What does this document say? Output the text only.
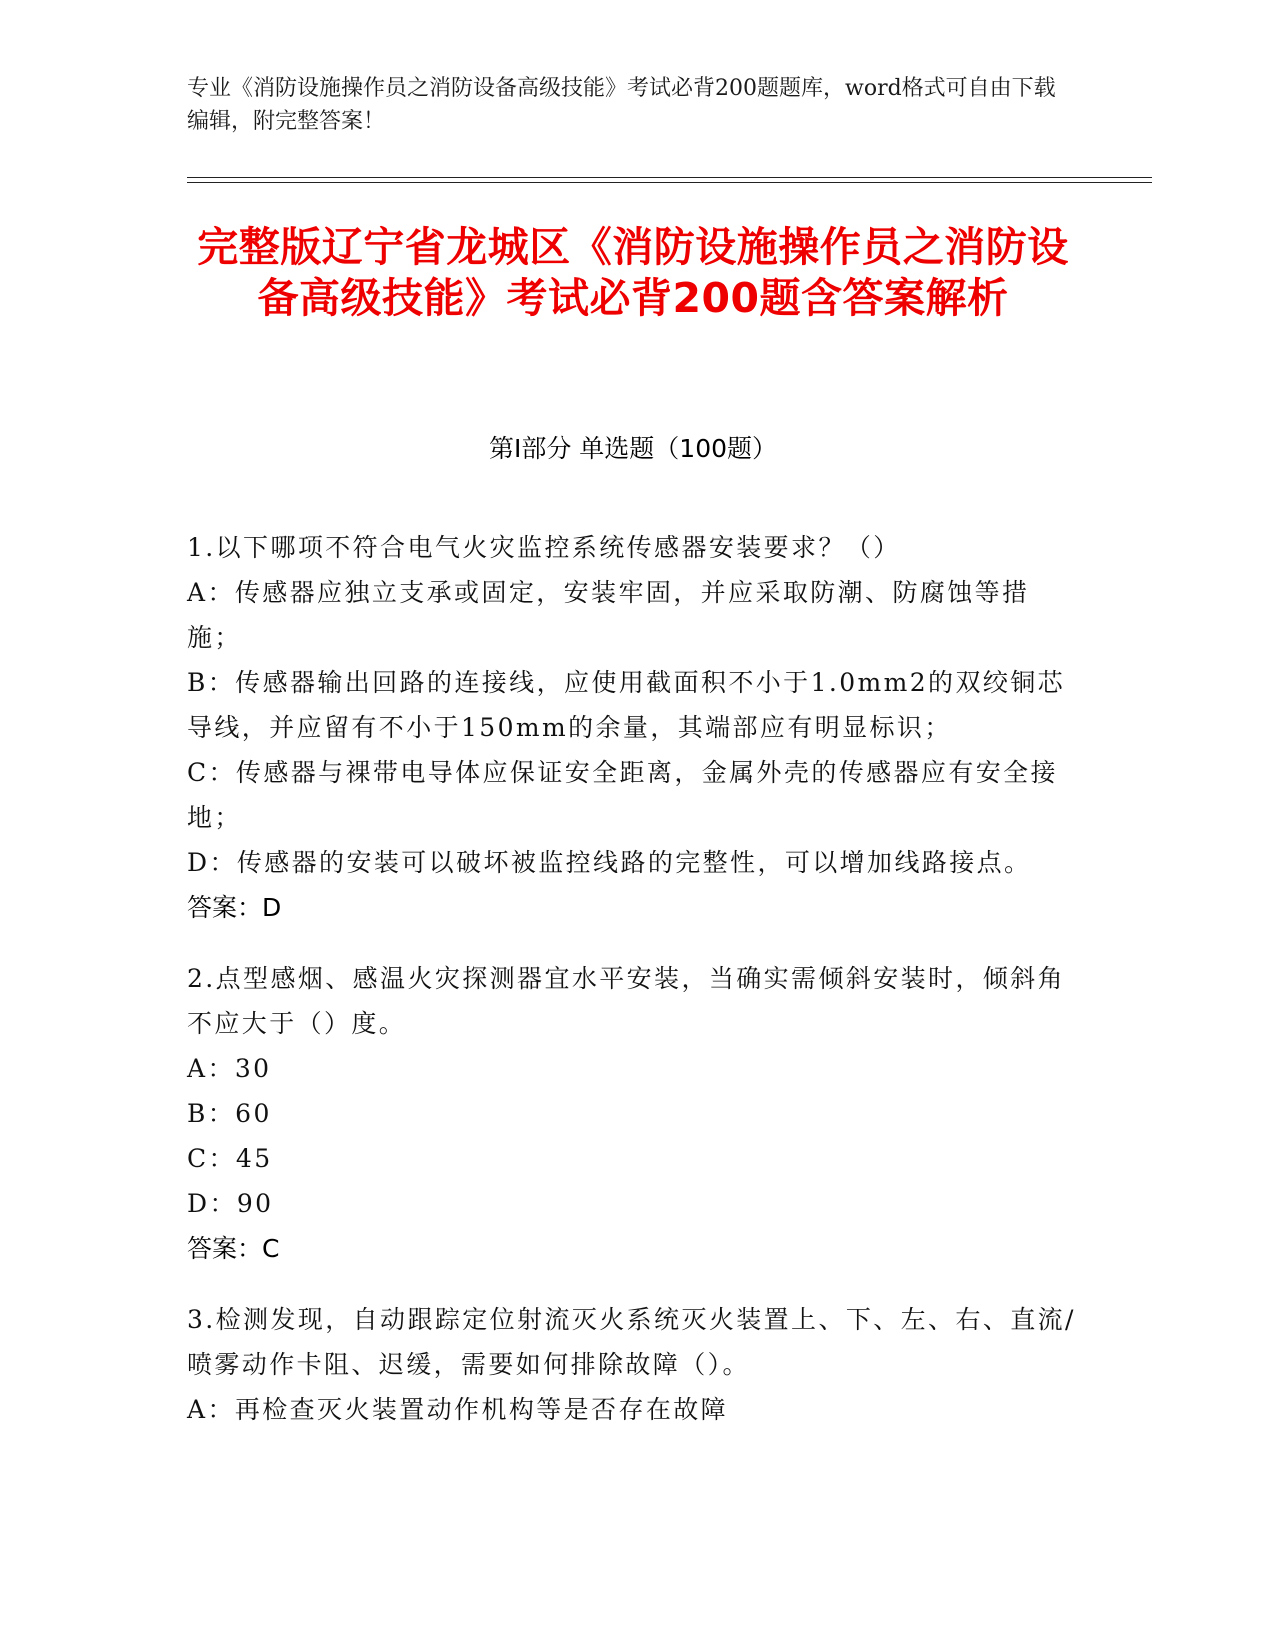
专业《消防设施操作员之消防设备高级技能》考试必背200题题库，word格式可自由下载编辑，附完整答案！
完整版辽宁省龙城区《消防设施操作员之消防设备高级技能》考试必背200题含答案解析
第Ⅰ部分 单选题（100题）

1.以下哪项不符合电气火灾监控系统传感器安装要求？（）

A：传感器应独立支承或固定，安装牢固，并应采取防潮、防腐蚀等措施；

B：传感器输出回路的连接线，应使用截面积不小于1.0mm2的双绞铜芯导线，并应留有不小于150mm的余量，其端部应有明显标识；

C：传感器与裸带电导体应保证安全距离，金属外壳的传感器应有安全接地；

D：传感器的安装可以破坏被监控线路的完整性，可以增加线路接点。

答案：D

2.点型感烟、感温火灾探测器宜水平安装，当确实需倾斜安装时，倾斜角不应大于（）度。

A：30

B：60

C：45

D：90

答案：C

3.检测发现，自动跟踪定位射流灭火系统灭火装置上、下、左、右、直流/喷雾动作卡阻、迟缓，需要如何排除故障（）。

A：再检查灭火装置动作机构等是否存在故障
